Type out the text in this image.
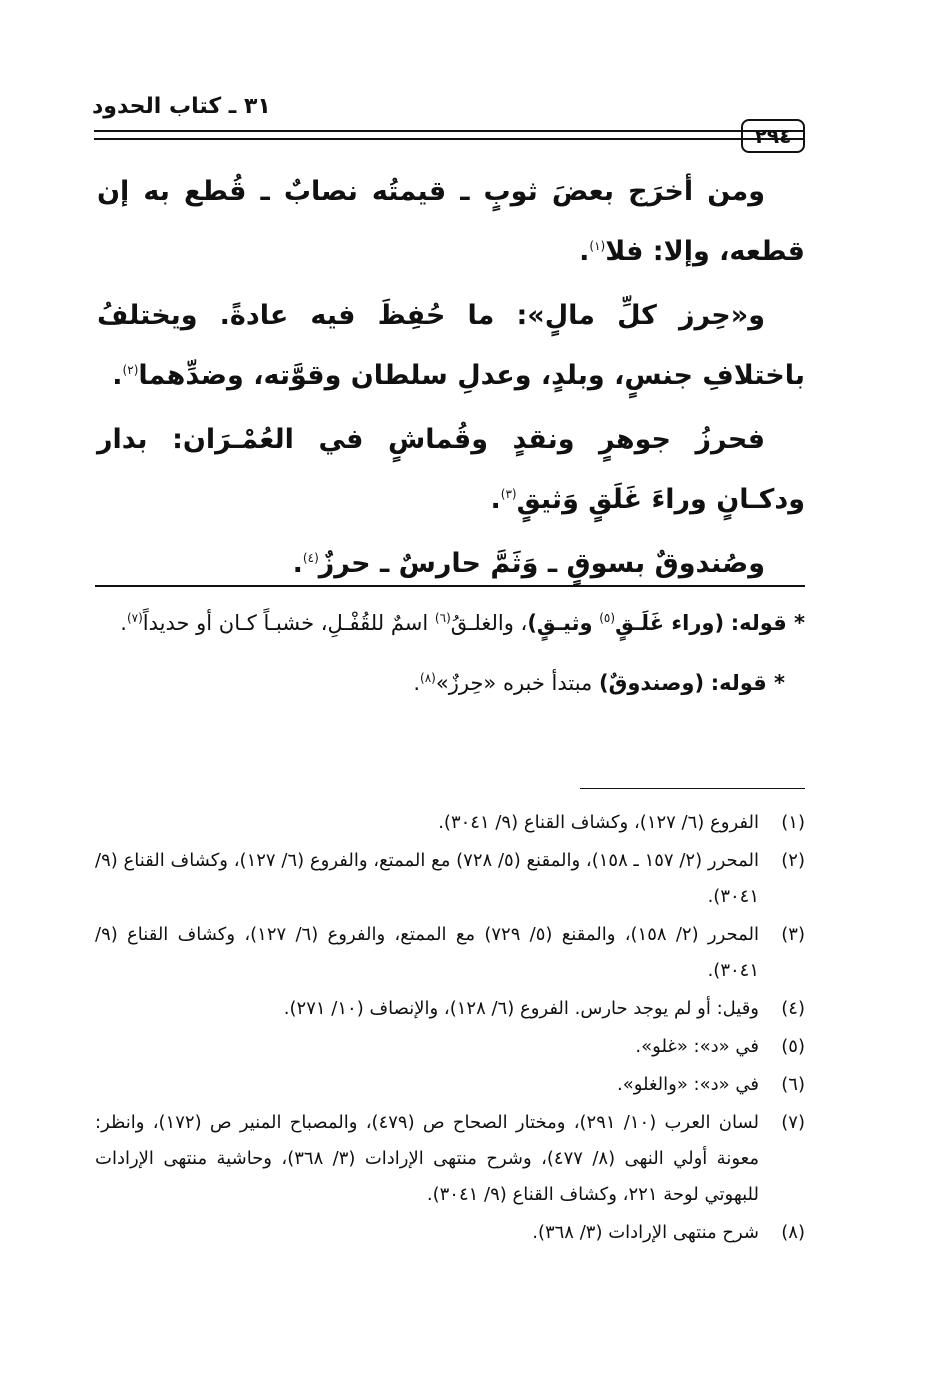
٣١ ـ كتاب الحدود
٢٩٤

ومن أخرَج بعضَ ثوبٍ ـ قيمتُه نصابٌ ـ قُطع به إن قطعه، وإلا: فلا$^{(١)}$.

و«حِرز كلِّ مالٍ»: ما حُفِظَ فيه عادةً. ويختلفُ باختلافِ جنسٍ، وبلدٍ، وعدلِ سلطان وقوَّته، وضدِّهما$^{(٢)}$.

فحرزُ جوهرٍ ونقدٍ وقُماشٍ في العُمْـرَان: بدار ودكـانٍ وراءَ غَلَقٍ وَثيقٍ$^{(٣)}$.

وصُندوقٌ بسوقٍ ـ وَثَمَّ حارسٌ ـ حرزٌ$^{(٤)}$.

* قوله: (وراء غَلَـقٍ$^{(٥)}$ وثيـقٍ)، والغلـقُ$^{(٦)}$ اسمٌ للقُفْـلِ، خشبـاً كـان أو حديداً$^{(٧)}$.

* قوله: (وصندوقٌ) مبتدأ خبره «حِرزٌ»$^{(٨)}$.

(١)
الفروع (٦/ ١٢٧)، وكشاف القناع (٩/ ٣٠٤١).
(٢)
المحرر (٢/ ١٥٧ ـ ١٥٨)، والمقنع (٥/ ٧٢٨) مع الممتع، والفروع (٦/ ١٢٧)، وكشاف القناع (٩/ ٣٠٤١).
(٣)
المحرر (٢/ ١٥٨)، والمقنع (٥/ ٧٢٩) مع الممتع، والفروع (٦/ ١٢٧)، وكشاف القناع (٩/ ٣٠٤١).
(٤)
وقيل: أو لم يوجد حارس. الفروع (٦/ ١٢٨)، والإنصاف (١٠/ ٢٧١).
(٥)
في «د»: «غلو».
(٦)
في «د»: «والغلو».
(٧)
لسان العرب (١٠/ ٢٩١)، ومختار الصحاح ص (٤٧٩)، والمصباح المنير ص (١٧٢)، وانظر: معونة أولي النهى (٨/ ٤٧٧)، وشرح منتهى الإرادات (٣/ ٣٦٨)، وحاشية منتهى الإرادات للبهوتي لوحة ٢٢١، وكشاف القناع (٩/ ٣٠٤١).
(٨)
شرح منتهى الإرادات (٣/ ٣٦٨).
